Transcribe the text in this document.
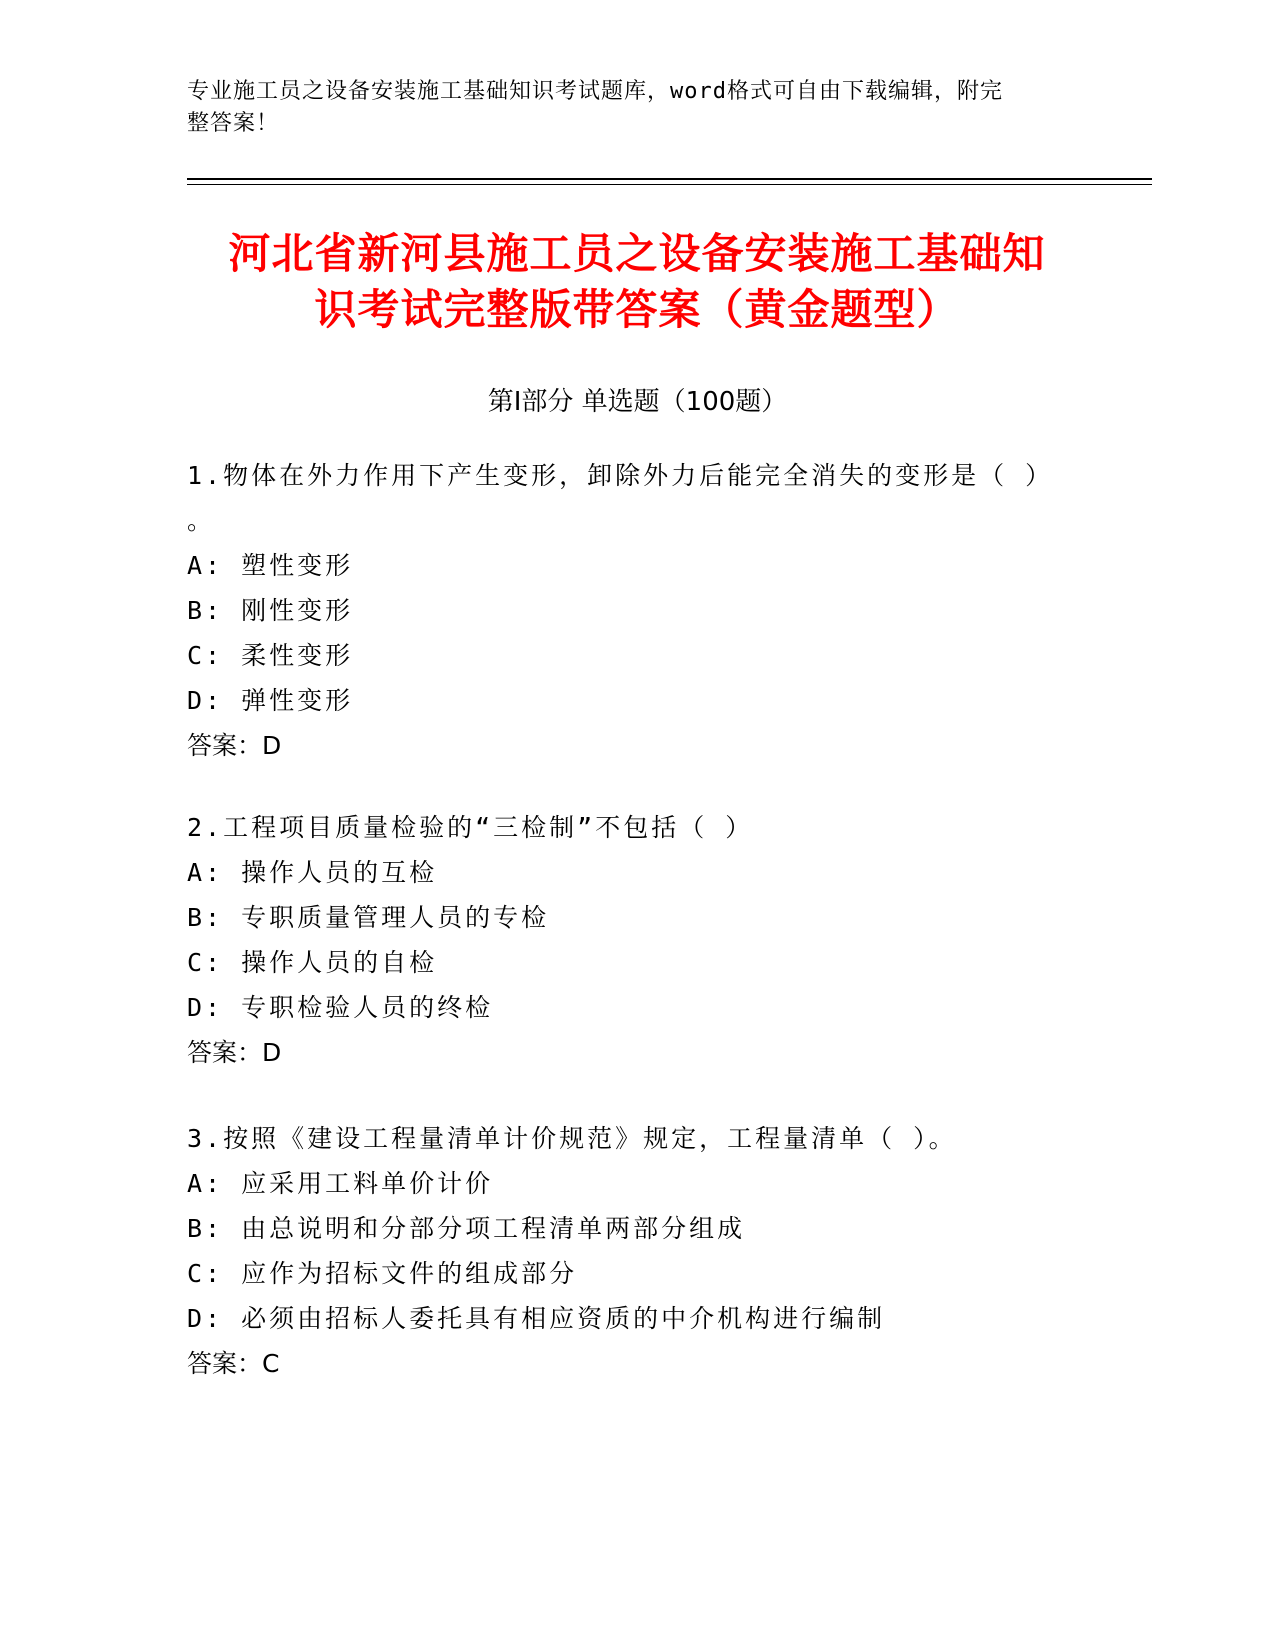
专业施工员之设备安装施工基础知识考试题库，word格式可自由下载编辑，附完
整答案！
河北省新河县施工员之设备安装施工基础知
识考试完整版带答案（黄金题型）
第Ⅰ部分 单选题（100题）

1.物体在外力作用下产生变形，卸除外力后能完全消失的变形是（ ）

。

A: 塑性变形

B: 刚性变形

C: 柔性变形

D: 弹性变形

答案：D

2.工程项目质量检验的“三检制”不包括（ ）

A: 操作人员的互检

B: 专职质量管理人员的专检

C: 操作人员的自检

D: 专职检验人员的终检

答案：D

3.按照《建设工程量清单计价规范》规定，工程量清单（ ）。

A: 应采用工料单价计价

B: 由总说明和分部分项工程清单两部分组成

C: 应作为招标文件的组成部分

D: 必须由招标人委托具有相应资质的中介机构进行编制

答案：C
